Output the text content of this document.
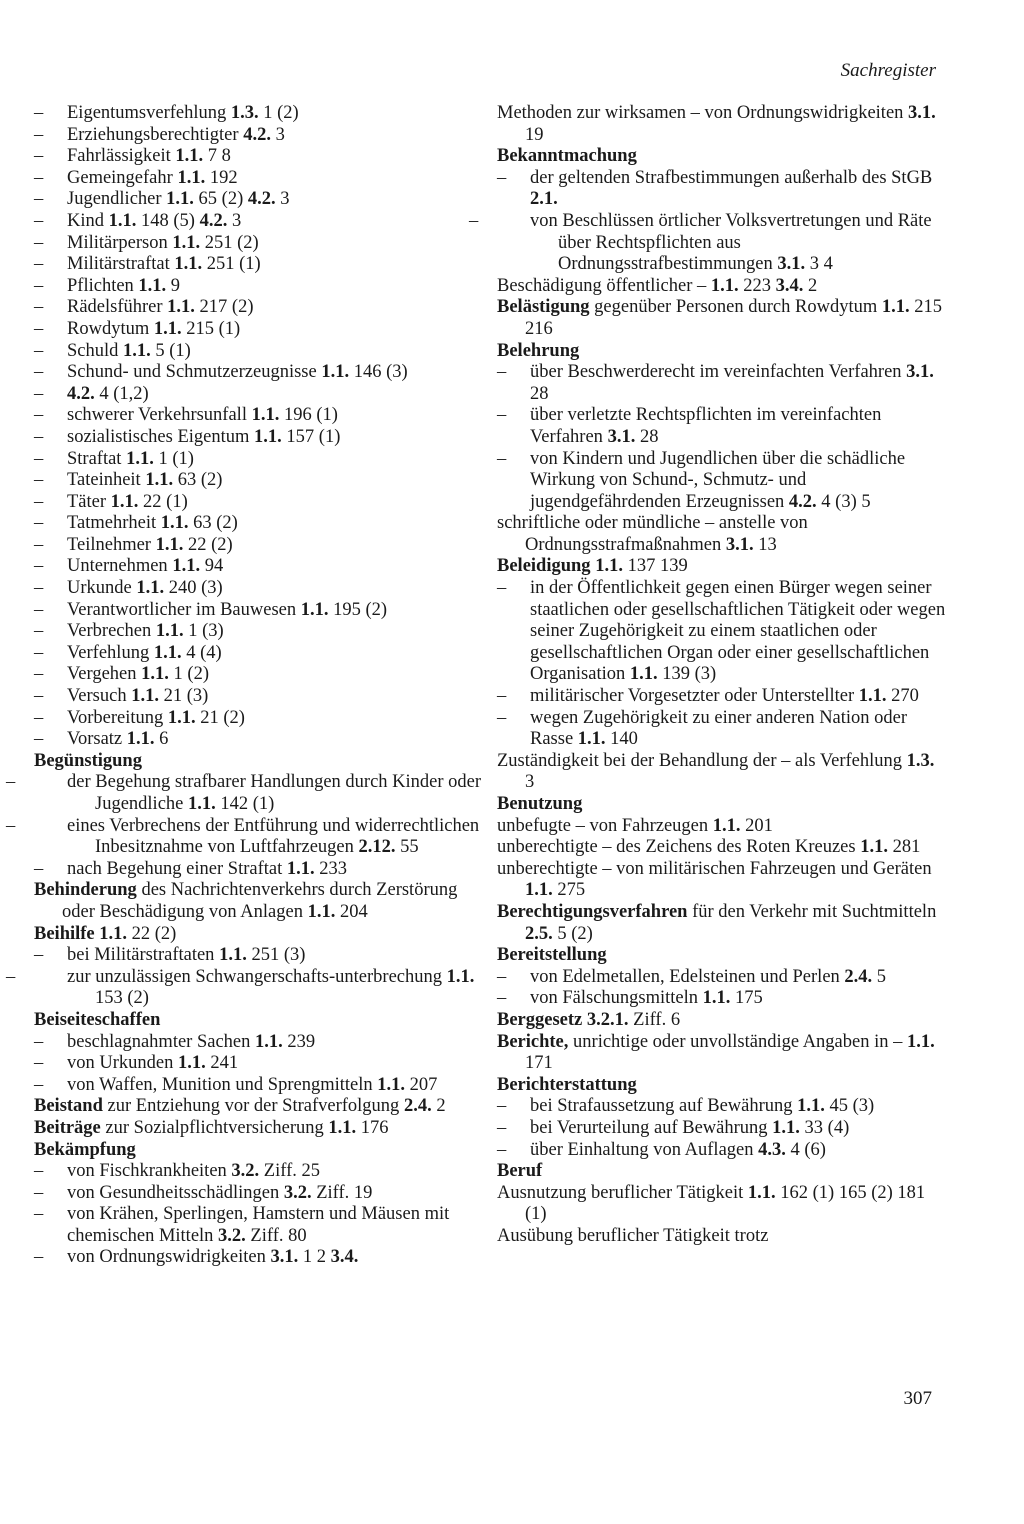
Sachregister
– Eigentumsverfehlung 1.3. 1 (2)
– Erziehungsberechtigter 4.2. 3
– Fahrlässigkeit 1.1. 7 8
– Gemeingefahr 1.1. 192
– Jugendlicher 1.1. 65 (2) 4.2. 3
– Kind 1.1. 148 (5) 4.2. 3
– Militärperson 1.1. 251 (2)
– Militärstraftat 1.1. 251 (1)
– Pflichten 1.1. 9
– Rädelsführer 1.1. 217 (2)
– Rowdytum 1.1. 215 (1)
– Schuld 1.1. 5 (1)
– Schund- und Schmutzerzeugnisse 1.1. 146 (3)
– 4.2. 4 (1,2)
– schwerer Verkehrsunfall 1.1. 196 (1)
– sozialistisches Eigentum 1.1. 157 (1)
– Straftat 1.1. 1 (1)
– Tateinheit 1.1. 63 (2)
– Täter 1.1. 22 (1)
– Tatmehrheit 1.1. 63 (2)
– Teilnehmer 1.1. 22 (2)
– Unternehmen 1.1. 94
– Urkunde 1.1. 240 (3)
– Verantwortlicher im Bauwesen 1.1. 195 (2)
– Verbrechen 1.1. 1 (3)
– Verfehlung 1.1. 4 (4)
– Vergehen 1.1. 1 (2)
– Versuch 1.1. 21 (3)
– Vorbereitung 1.1. 21 (2)
– Vorsatz 1.1. 6
Begünstigung
– der Begehung strafbarer Handlungen durch Kinder oder Jugendliche 1.1. 142 (1)
– eines Verbrechens der Entführung und widerrechtlichen Inbesitznahme von Luftfahrzeugen 2.12. 55
– nach Begehung einer Straftat 1.1. 233
Behinderung des Nachrichtenverkehrs durch Zerstörung oder Beschädigung von Anlagen 1.1. 204
Beihilfe 1.1. 22 (2)
– bei Militärstraftaten 1.1. 251 (3)
– zur unzulässigen Schwangerschafts-unterbrechung 1.1. 153 (2)
Beiseiteschaffen
– beschlagnahmter Sachen 1.1. 239
– von Urkunden 1.1. 241
– von Waffen, Munition und Sprengmitteln 1.1. 207
Beistand zur Entziehung vor der Strafverfolgung 2.4. 2
Beiträge zur Sozialpflichtversicherung 1.1. 176
Bekämpfung
– von Fischkrankheiten 3.2. Ziff. 25
– von Gesundheitsschädlingen 3.2. Ziff. 19
– von Krähen, Sperlingen, Hamstern und Mäusen mit chemischen Mitteln 3.2. Ziff. 80
– von Ordnungswidrigkeiten 3.1. 1 2 3.4.
Methoden zur wirksamen – von Ordnungswidrigkeiten 3.1. 19
Bekanntmachung
– der geltenden Strafbestimmungen außerhalb des StGB 2.1.
– von Beschlüssen örtlicher Volksvertretungen und Räte über Rechtspflichten aus Ordnungsstrafbestimmungen 3.1. 3 4
Beschädigung öffentlicher – 1.1. 223 3.4. 2
Belästigung gegenüber Personen durch Rowdytum 1.1. 215 216
Belehrung
– über Beschwerderecht im vereinfachten Verfahren 3.1. 28
– über verletzte Rechtspflichten im vereinfachten Verfahren 3.1. 28
– von Kindern und Jugendlichen über die schädliche Wirkung von Schund-, Schmutz- und jugendgefährdenden Erzeugnissen 4.2. 4 (3) 5
schriftliche oder mündliche – anstelle von Ordnungsstrafmaßnahmen 3.1. 13
Beleidigung 1.1. 137 139
– in der Öffentlichkeit gegen einen Bürger wegen seiner staatlichen oder gesellschaftlichen Tätigkeit oder wegen seiner Zugehörigkeit zu einem staatlichen oder gesellschaftlichen Organ oder einer gesellschaftlichen Organisation 1.1. 139 (3)
– militärischer Vorgesetzter oder Unterstellter 1.1. 270
– wegen Zugehörigkeit zu einer anderen Nation oder Rasse 1.1. 140
Zuständigkeit bei der Behandlung der – als Verfehlung 1.3. 3
Benutzung
unbefugte – von Fahrzeugen 1.1. 201
unberechtigte – des Zeichens des Roten Kreuzes 1.1. 281
unberechtigte – von militärischen Fahrzeugen und Geräten 1.1. 275
Berechtigungsverfahren für den Verkehr mit Suchtmitteln 2.5. 5 (2)
Bereitstellung
– von Edelmetallen, Edelsteinen und Perlen 2.4. 5
– von Fälschungsmitteln 1.1. 175
Berggesetz 3.2.1. Ziff. 6
Berichte, unrichtige oder unvollständige Angaben in – 1.1. 171
Berichterstattung
– bei Strafaussetzung auf Bewährung 1.1. 45 (3)
– bei Verurteilung auf Bewährung 1.1. 33 (4)
– über Einhaltung von Auflagen 4.3. 4 (6)
Beruf
Ausnutzung beruflicher Tätigkeit 1.1. 162 (1) 165 (2) 181 (1)
Ausübung beruflicher Tätigkeit trotz
307
